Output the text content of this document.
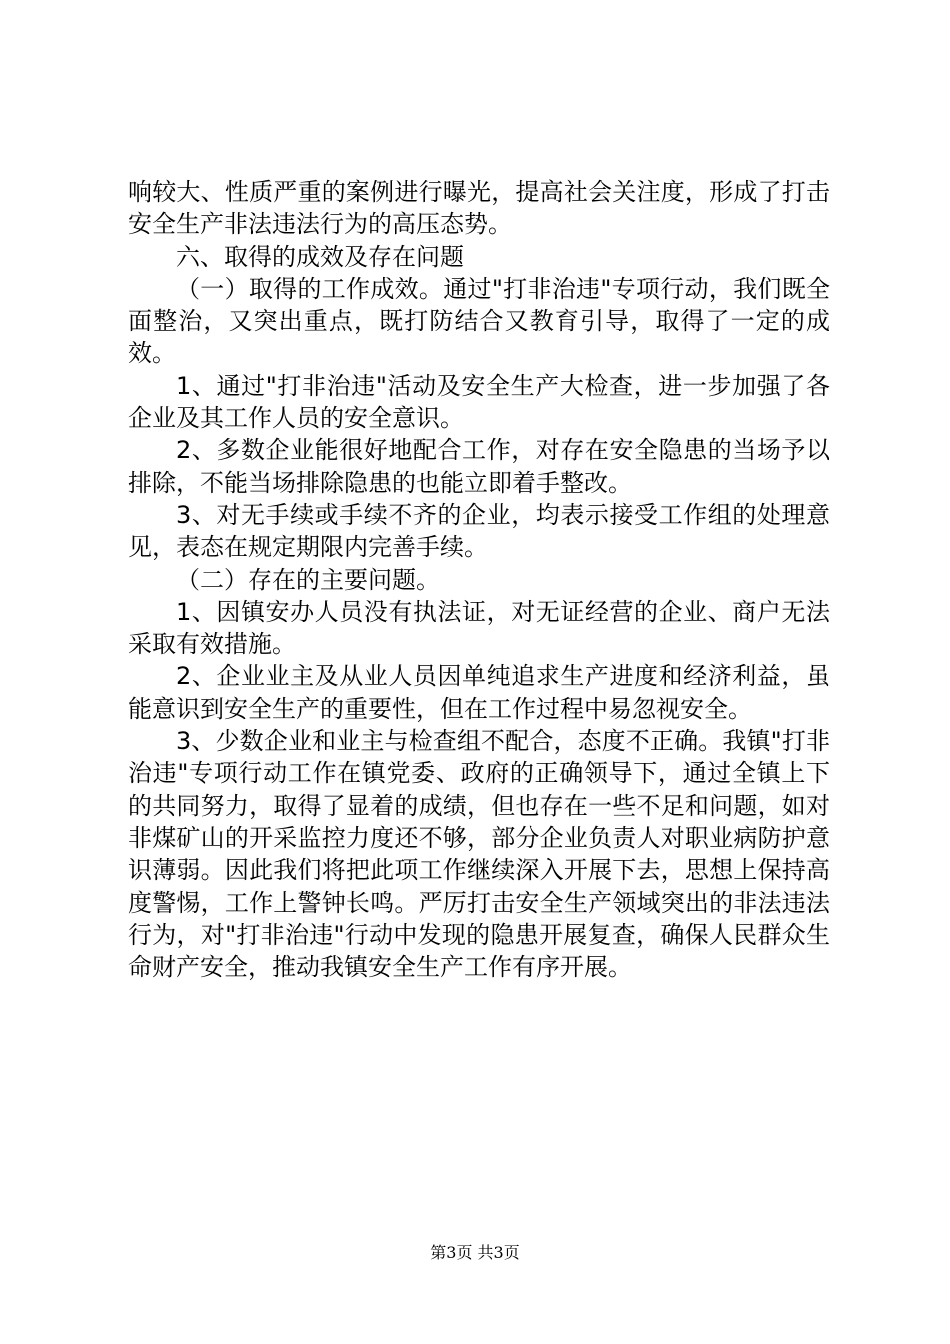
响较大、性质严重的案例进行曝光，提高社会关注度，形成了打击安全生产非法违法行为的高压态势。

六、取得的成效及存在问题

（一）取得的工作成效。通过"打非治违"专项行动，我们既全面整治，又突出重点，既打防结合又教育引导，取得了一定的成效。

1、通过"打非治违"活动及安全生产大检查，进一步加强了各企业及其工作人员的安全意识。

2、多数企业能很好地配合工作，对存在安全隐患的当场予以排除，不能当场排除隐患的也能立即着手整改。

3、对无手续或手续不齐的企业，均表示接受工作组的处理意见，表态在规定期限内完善手续。

（二）存在的主要问题。

1、因镇安办人员没有执法证，对无证经营的企业、商户无法采取有效措施。

2、企业业主及从业人员因单纯追求生产进度和经济利益，虽能意识到安全生产的重要性，但在工作过程中易忽视安全。

3、少数企业和业主与检查组不配合，态度不正确。我镇"打非治违"专项行动工作在镇党委、政府的正确领导下，通过全镇上下的共同努力，取得了显着的成绩，但也存在一些不足和问题，如对非煤矿山的开采监控力度还不够，部分企业负责人对职业病防护意识薄弱。因此我们将把此项工作继续深入开展下去，思想上保持高度警惕，工作上警钟长鸣。严厉打击安全生产领域突出的非法违法行为，对"打非治违"行动中发现的隐患开展复查，确保人民群众生命财产安全，推动我镇安全生产工作有序开展。

第3页 共3页
